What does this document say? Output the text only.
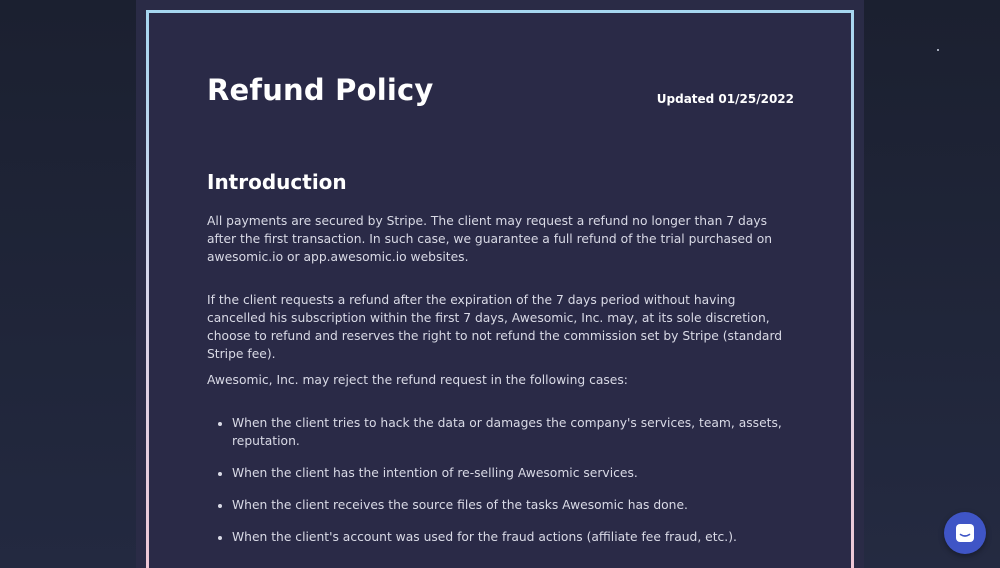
Refund Policy	Updated 01/25/2022
Introduction

All payments are secured by Stripe. The client may request a refund no longer than 7 days after the first transaction. In such case, we guarantee a full refund of the trial purchased on awesomic.io or app.awesomic.io websites.

If the client requests a refund after the expiration of the 7 days period without having cancelled his subscription within the first 7 days, Awesomic, Inc. may, at its sole discretion, choose to refund and reserves the right to not refund the commission set by Stripe (standard Stripe fee).

Awesomic, Inc. may reject the refund request in the following cases:

When the client tries to hack the data or damages the company's services, team, assets, reputation.
When the client has the intention of re-selling Awesomic services.
When the client receives the source files of the tasks Awesomic has done.
When the client's account was used for the fraud actions (affiliate fee fraud, etc.).
